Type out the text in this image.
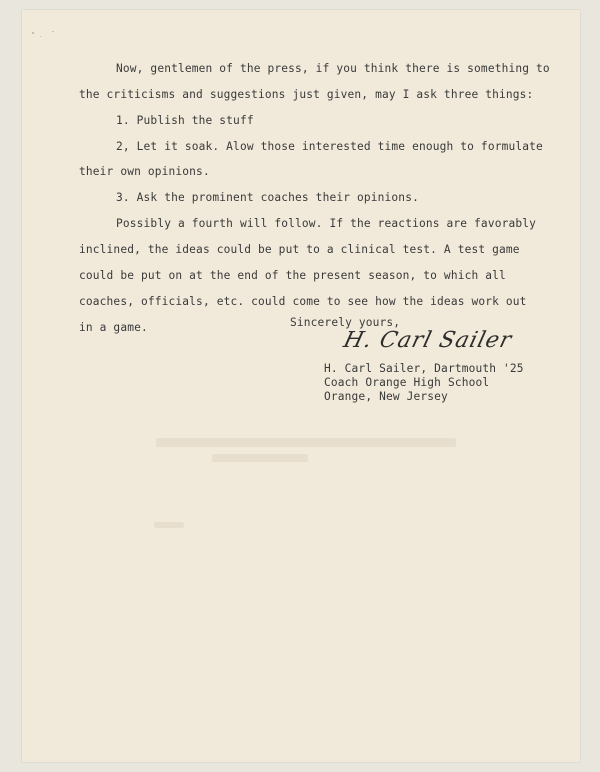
Now, gentlemen of the press, if you think there is something to
the criticisms and suggestions just given, may I ask three things:
1. Publish the stuff
2, Let it soak. Alow those interested time enough to formulate
their own opinions.
3. Ask the prominent coaches their opinions.
Possibly a fourth will follow. If the reactions are favorably
inclined, the ideas could be put to a clinical test. A test game
could be put on at the end of the present season, to which all
coaches, officials, etc. could come to see how the ideas work out
in a game.	Sincerely yours,
H. Carl Sailer
H. Carl Sailer, Dartmouth '25
Coach Orange High School
Orange, New Jersey
